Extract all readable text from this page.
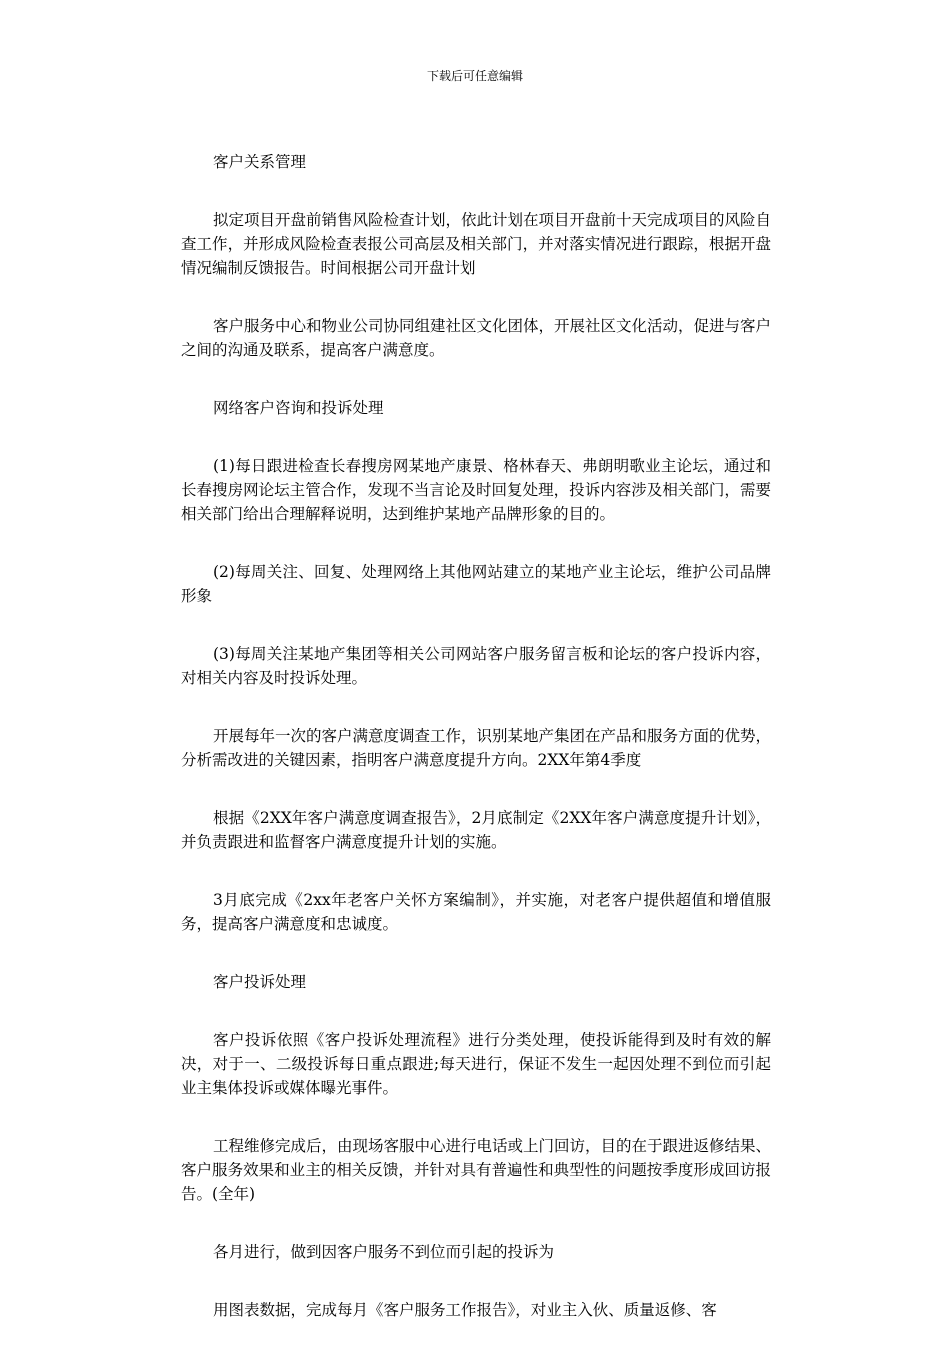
下载后可任意编辑

客户关系管理

拟定项目开盘前销售风险检查计划，依此计划在项目开盘前十天完成项目的风险自查工作，并形成风险检查表报公司高层及相关部门，并对落实情况进行跟踪，根据开盘情况编制反馈报告。时间根据公司开盘计划

客户服务中心和物业公司协同组建社区文化团体，开展社区文化活动，促进与客户之间的沟通及联系，提高客户满意度。

网络客户咨询和投诉处理

(1)每日跟进检查长春搜房网某地产康景、格林春天、弗朗明歌业主论坛，通过和长春搜房网论坛主管合作，发现不当言论及时回复处理，投诉内容涉及相关部门，需要相关部门给出合理解释说明，达到维护某地产品牌形象的目的。

(2)每周关注、回复、处理网络上其他网站建立的某地产业主论坛，维护公司品牌形象

(3)每周关注某地产集团等相关公司网站客户服务留言板和论坛的客户投诉内容，对相关内容及时投诉处理。

开展每年一次的客户满意度调查工作，识别某地产集团在产品和服务方面的优势，分析需改进的关键因素，指明客户满意度提升方向。2XX年第4季度

根据《2XX年客户满意度调查报告》，2月底制定《2XX年客户满意度提升计划》，并负责跟进和监督客户满意度提升计划的实施。

3月底完成《2xx年老客户关怀方案编制》，并实施，对老客户提供超值和增值服务，提高客户满意度和忠诚度。

客户投诉处理

客户投诉依照《客户投诉处理流程》进行分类处理，使投诉能得到及时有效的解决，对于一、二级投诉每日重点跟进;每天进行，保证不发生一起因处理不到位而引起业主集体投诉或媒体曝光事件。

工程维修完成后，由现场客服中心进行电话或上门回访，目的在于跟进返修结果、客户服务效果和业主的相关反馈，并针对具有普遍性和典型性的问题按季度形成回访报告。(全年)

各月进行，做到因客户服务不到位而引起的投诉为

用图表数据，完成每月《客户服务工作报告》，对业主入伙、质量返修、客
